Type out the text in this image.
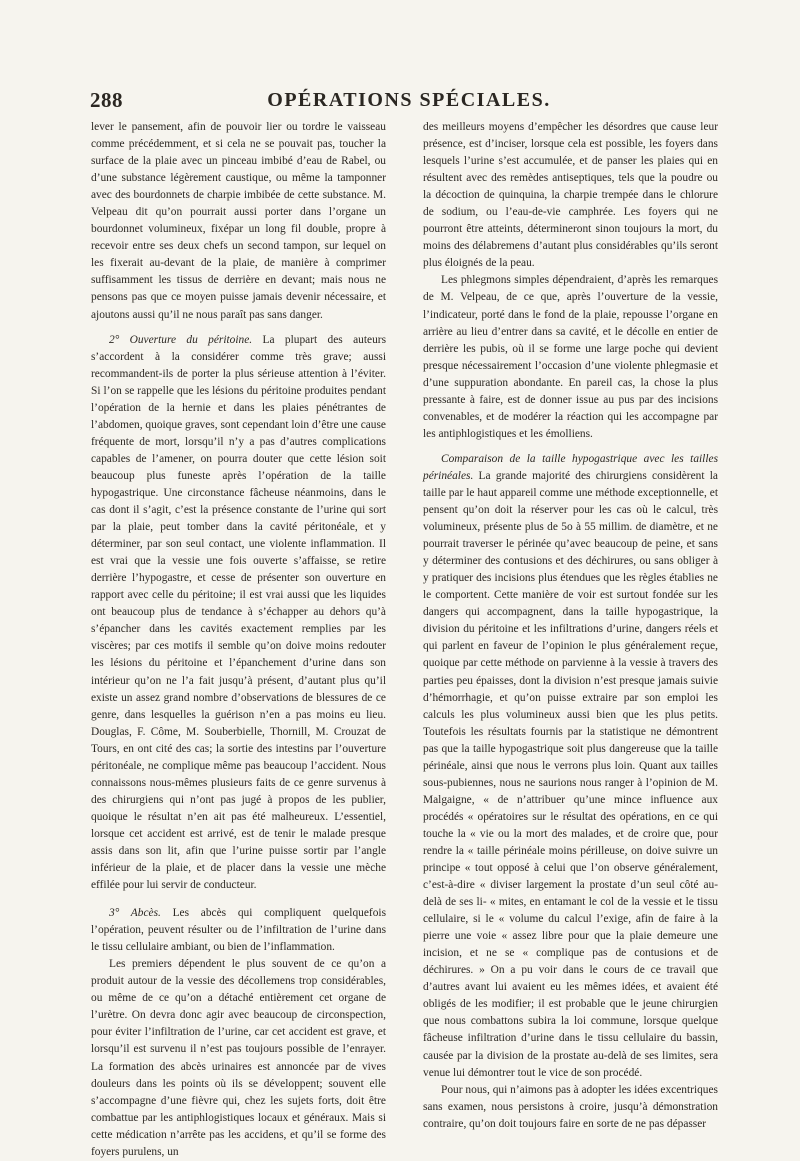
288	OPÉRATIONS SPÉCIALES.

lever le pansement, afin de pouvoir lier ou tordre le vaisseau comme précédemment, et si cela ne se pouvait pas, toucher la surface de la plaie avec un pinceau imbibé d’eau de Rabel, ou d’une substance légèrement caustique, ou même la tamponner avec des bourdonnets de charpie imbibée de cette substance. M. Velpeau dit qu’on pourrait aussi porter dans l’organe un bourdonnet volumineux, fixépar un long fil double, propre à recevoir entre ses deux chefs un second tampon, sur lequel on les fixerait au-devant de la plaie, de manière à comprimer suffisamment les tissus de derrière en devant; mais nous ne pensons pas que ce moyen puisse jamais devenir nécessaire, et ajoutons aussi qu’il ne nous paraît pas sans danger.

2° Ouverture du péritoine. La plupart des auteurs s’accordent à la considérer comme très grave; aussi recommandent-ils de porter la plus sérieuse attention à l’éviter. Si l’on se rappelle que les lésions du péritoine produites pendant l’opération de la hernie et dans les plaies pénétrantes de l’abdomen, quoique graves, sont cependant loin d’être une cause fréquente de mort, lorsqu’il n’y a pas d’autres complications capables de l’amener, on pourra douter que cette lésion soit beaucoup plus funeste après l’opération de la taille hypogastrique. Une circonstance fâcheuse néanmoins, dans le cas dont il s’agit, c’est la présence constante de l’urine qui sort par la plaie, peut tomber dans la cavité péritonéale, et y déterminer, par son seul contact, une violente inflammation. Il est vrai que la vessie une fois ouverte s’affaisse, se retire derrière l’hypogastre, et cesse de présenter son ouverture en rapport avec celle du péritoine; il est vrai aussi que les liquides ont beaucoup plus de tendance à s’échapper au dehors qu’à s’épancher dans les cavités exactement remplies par les viscères; par ces motifs il semble qu’on doive moins redouter les lésions du péritoine et l’épanchement d’urine dans son intérieur qu’on ne l’a fait jusqu’à présent, d’autant plus qu’il existe un assez grand nombre d’observations de blessures de ce genre, dans lesquelles la guérison n’en a pas moins eu lieu. Douglas, F. Côme, M. Souberbielle, Thornill, M. Crouzat de Tours, en ont cité des cas; la sortie des intestins par l’ouverture péritonéale, ne complique même pas beaucoup l’accident. Nous connaissons nous-mêmes plusieurs faits de ce genre survenus à des chirurgiens qui n’ont pas jugé à propos de les publier, quoique le résultat n’en ait pas été malheureux. L’essentiel, lorsque cet accident est arrivé, est de tenir le malade presque assis dans son lit, afin que l’urine puisse sortir par l’angle inférieur de la plaie, et de placer dans la vessie une mèche effilée pour lui servir de conducteur.

3° Abcès. Les abcès qui compliquent quelquefois l’opération, peuvent résulter ou de l’infiltration de l’urine dans le tissu cellulaire ambiant, ou bien de l’inflammation.

Les premiers dépendent le plus souvent de ce qu’on a produit autour de la vessie des décollemens trop considérables, ou même de ce qu’on a détaché entièrement cet organe de l’urètre. On devra donc agir avec beaucoup de circonspection, pour éviter l’infiltration de l’urine, car cet accident est grave, et lorsqu’il est survenu il n’est pas toujours possible de l’enrayer. La formation des abcès urinaires est annoncée par de vives douleurs dans les points où ils se développent; souvent elle s’accompagne d’une fièvre qui, chez les sujets forts, doit être combattue par les antiphlogistiques locaux et généraux. Mais si cette médication n’arrête pas les accidens, et qu’il se forme des foyers purulens, un

des meilleurs moyens d’empêcher les désordres que cause leur présence, est d’inciser, lorsque cela est possible, les foyers dans lesquels l’urine s’est accumulée, et de panser les plaies qui en résultent avec des remèdes antiseptiques, tels que la poudre ou la décoction de quinquina, la charpie trempée dans le chlorure de sodium, ou l’eau-de-vie camphrée. Les foyers qui ne pourront être atteints, détermineront sinon toujours la mort, du moins des délabremens d’autant plus considérables qu’ils seront plus éloignés de la peau.

Les phlegmons simples dépendraient, d’après les remarques de M. Velpeau, de ce que, après l’ouverture de la vessie, l’indicateur, porté dans le fond de la plaie, repousse l’organe en arrière au lieu d’entrer dans sa cavité, et le décolle en entier de derrière les pubis, où il se forme une large poche qui devient presque nécessairement l’occasion d’une violente phlegmasie et d’une suppuration abondante. En pareil cas, la chose la plus pressante à faire, est de donner issue au pus par des incisions convenables, et de modérer la réaction qui les accompagne par les antiphlogistiques et les émolliens.

Comparaison de la taille hypogastrique avec les tailles périnéales. La grande majorité des chirurgiens considèrent la taille par le haut appareil comme une méthode exceptionnelle, et pensent qu’on doit la réserver pour les cas où le calcul, très volumineux, présente plus de 5o à 55 millim. de diamètre, et ne pourrait traverser le périnée qu’avec beaucoup de peine, et sans y déterminer des contusions et des déchirures, ou sans obliger à y pratiquer des incisions plus étendues que les règles établies ne le comportent. Cette manière de voir est surtout fondée sur les dangers qui accompagnent, dans la taille hypogastrique, la division du péritoine et les infiltrations d’urine, dangers réels et qui parlent en faveur de l’opinion le plus généralement reçue, quoique par cette méthode on parvienne à la vessie à travers des parties peu épaisses, dont la division n’est presque jamais suivie d’hémorrhagie, et qu’on puisse extraire par son emploi les calculs les plus volumineux aussi bien que les plus petits. Toutefois les résultats fournis par la statistique ne démontrent pas que la taille hypogastrique soit plus dangereuse que la taille périnéale, ainsi que nous le verrons plus loin. Quant aux tailles sous-pubiennes, nous ne saurions nous ranger à l’opinion de M. Malgaigne, « de n’attribuer qu’une mince influence aux procédés « opératoires sur le résultat des opérations, en ce qui touche la « vie ou la mort des malades, et de croire que, pour rendre la « taille périnéale moins périlleuse, on doive suivre un principe « tout opposé à celui que l’on observe généralement, c’est-à-dire « diviser largement la prostate d’un seul côté au-delà de ses li- « mites, en entamant le col de la vessie et le tissu cellulaire, si le « volume du calcul l’exige, afin de faire à la pierre une voie « assez libre pour que la plaie demeure une incision, et ne se « complique pas de contusions et de déchirures. » On a pu voir dans le cours de ce travail que d’autres avant lui avaient eu les mêmes idées, et avaient été obligés de les modifier; il est probable que le jeune chirurgien que nous combattons subira la loi commune, lorsque quelque fâcheuse infiltration d’urine dans le tissu cellulaire du bassin, causée par la division de la prostate au-delà de ses limites, sera venue lui démontrer tout le vice de son procédé.

Pour nous, qui n’aimons pas à adopter les idées excentriques sans examen, nous persistons à croire, jusqu’à démonstration contraire, qu’on doit toujours faire en sorte de ne pas dépasser
